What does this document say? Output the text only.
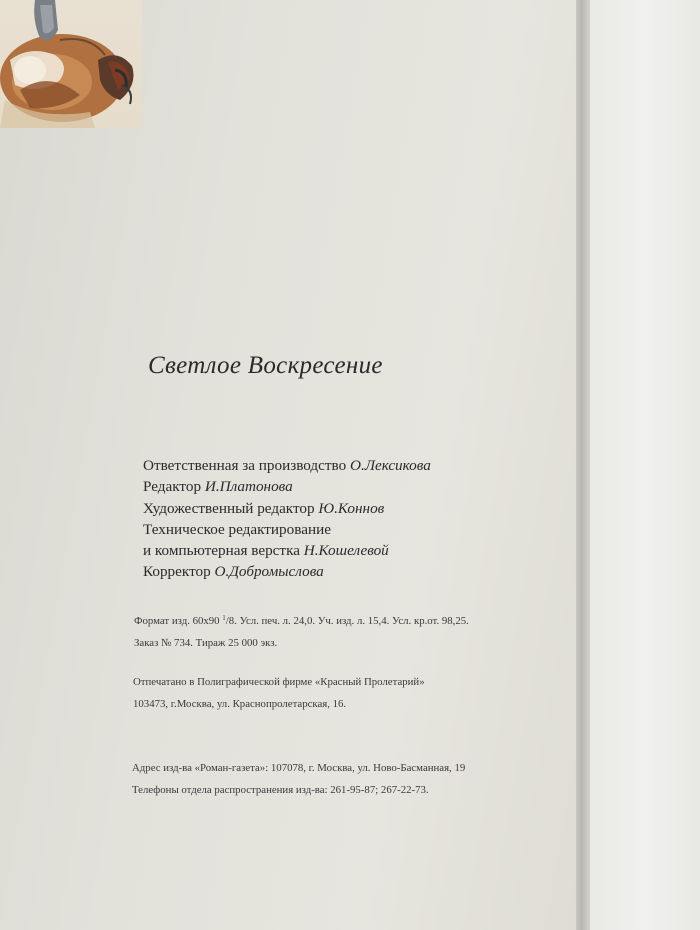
Светлое Воскресение
Ответственная за производство О.Лексикова
Редактор И.Платонова
Художественный редактор Ю.Коннов
Техническое редактирование
и компьютерная верстка Н.Кошелевой
Корректор О.Добромыслова
Формат изд. 60x90 $^1$/8. Усл. печ. л. 24,0. Уч. изд. л. 15,4. Усл. кр.от. 98,25.
Заказ № 734. Тираж 25 000 экз.
Отпечатано в Полиграфической фирме «Красный Пролетарий»
103473, г.Москва, ул. Краснопролетарская, 16.
Адрес изд-ва «Роман-газета»: 107078, г. Москва, ул. Ново-Басманная, 19
Телефоны отдела распространения изд-ва: 261-95-87; 267-22-73.
